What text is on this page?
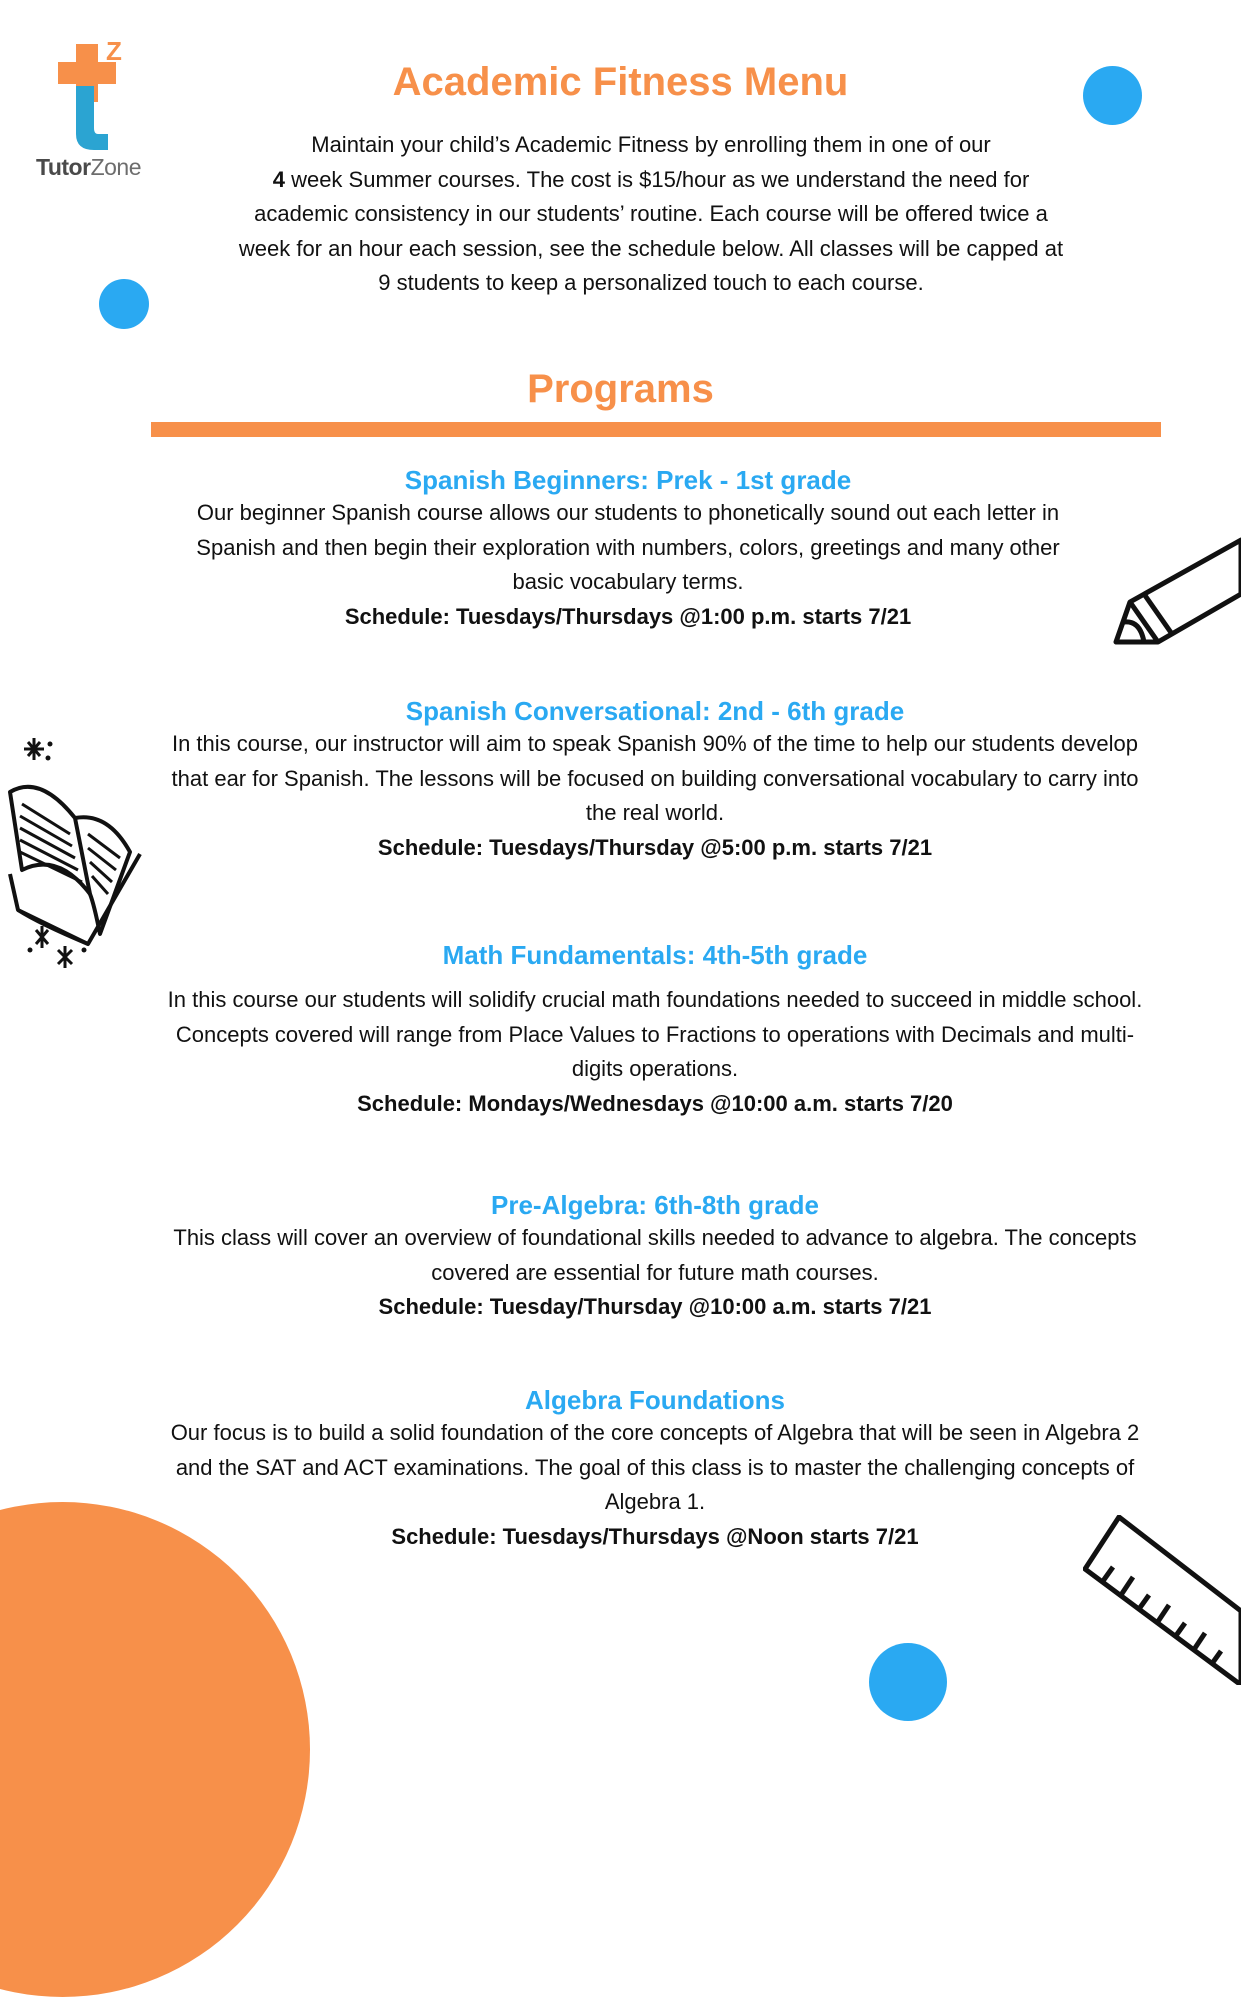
Z
TutorZone
Academic Fitness Menu
Maintain your child’s Academic Fitness by enrolling them in one of our
4 week Summer courses. The cost is $15/hour as we understand the need for academic consistency in our students’ routine. Each course will be offered twice a week for an hour each session, see the schedule below. All classes will be capped at 9 students to keep a personalized touch to each course.
Programs
Spanish Beginners: Prek - 1st grade
Our beginner Spanish course allows our students to phonetically sound out each letter in Spanish and then begin their exploration with numbers, colors, greetings and many other basic vocabulary terms.
Schedule: Tuesdays/Thursdays @1:00 p.m. starts 7/21
Spanish Conversational: 2nd - 6th grade
In this course, our instructor will aim to speak Spanish 90% of the time to help our students develop that ear for Spanish. The lessons will be focused on building conversational vocabulary to carry into the real world.
Schedule: Tuesdays/Thursday @5:00 p.m. starts 7/21
Math Fundamentals: 4th-5th grade
In this course our students will solidify crucial math foundations needed to succeed in middle school. Concepts covered will range from Place Values to Fractions to operations with Decimals and multi-digits operations.
Schedule: Mondays/Wednesdays @10:00 a.m. starts 7/20
Pre-Algebra: 6th-8th grade
This class will cover an overview of foundational skills needed to advance to algebra. The concepts covered are essential for future math courses.
Schedule: Tuesday/Thursday @10:00 a.m. starts 7/21
Algebra Foundations
Our focus is to build a solid foundation of the core concepts of Algebra that will be seen in Algebra 2 and the SAT and ACT examinations. The goal of this class is to master the challenging concepts of Algebra 1.
Schedule: Tuesdays/Thursdays @Noon starts 7/21
